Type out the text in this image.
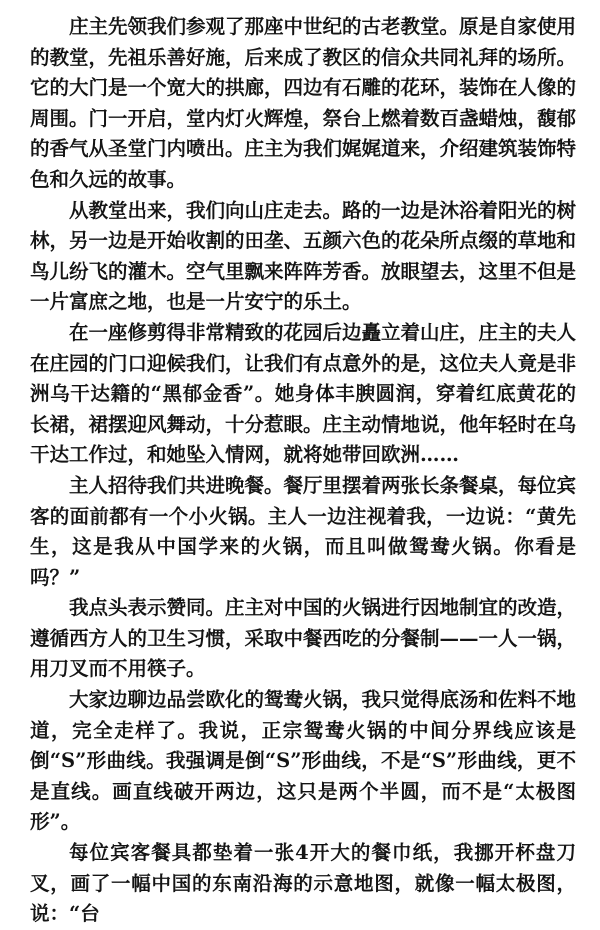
庄主先领我们参观了那座中世纪的古老教堂。原是自家使用的教堂，先祖乐善好施，后来成了教区的信众共同礼拜的场所。它的大门是一个宽大的拱廊，四边有石雕的花环，装饰在人像的周围。门一开启，堂内灯火辉煌，祭台上燃着数百盏蜡烛，馥郁的香气从圣堂门内喷出。庄主为我们娓娓道来，介绍建筑装饰特色和久远的故事。

从教堂出来，我们向山庄走去。路的一边是沐浴着阳光的树林，另一边是开始收割的田垄、五颜六色的花朵所点缀的草地和鸟儿纷飞的灌木。空气里飘来阵阵芳香。放眼望去，这里不但是一片富庶之地，也是一片安宁的乐土。

在一座修剪得非常精致的花园后边矗立着山庄，庄主的夫人在庄园的门口迎候我们，让我们有点意外的是，这位夫人竟是非洲乌干达籍的“黑郁金香”。她身体丰腴圆润，穿着红底黄花的长裙，裙摆迎风舞动，十分惹眼。庄主动情地说，他年轻时在乌干达工作过，和她坠入情网，就将她带回欧洲……

主人招待我们共进晚餐。餐厅里摆着两张长条餐桌，每位宾客的面前都有一个小火锅。主人一边注视着我，一边说：“黄先生，这是我从中国学来的火锅，而且叫做鸳鸯火锅。你看是吗？”

我点头表示赞同。庄主对中国的火锅进行因地制宜的改造，遵循西方人的卫生习惯，采取中餐西吃的分餐制——一人一锅，用刀叉而不用筷子。

大家边聊边品尝欧化的鸳鸯火锅，我只觉得底汤和佐料不地道，完全走样了。我说，正宗鸳鸯火锅的中间分界线应该是倒“S”形曲线。我强调是倒“S”形曲线，不是“S”形曲线，更不是直线。画直线破开两边，这只是两个半圆，而不是“太极图形”。

每位宾客餐具都垫着一张4开大的餐巾纸，我挪开杯盘刀叉，画了一幅中国的东南沿海的示意地图，就像一幅太极图，说：“台
